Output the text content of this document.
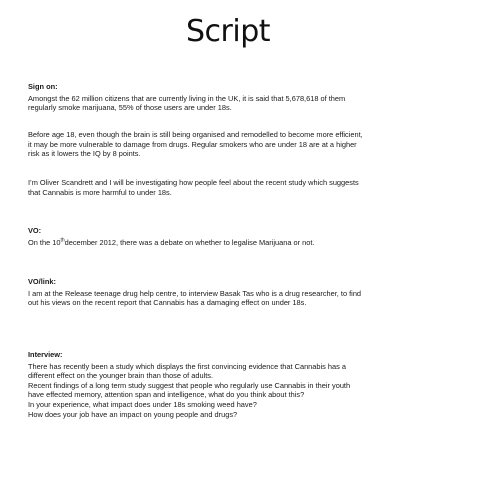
Script
Sign on:

Amongst the 62 million citizens that are currently living in the UK, it is said that 5,678,618 of them regularly smoke marijuana, 55% of those users are under 18s.

Before age 18, even though the brain is still being organised and remodelled to become more efficient, it may be more vulnerable to damage from drugs. Regular smokers who are under 18 are at a higher risk as it lowers the IQ by 8 points.

I’m Oliver Scandrett and I will be investigating how people feel about the recent study which suggests that Cannabis is more harmful to under 18s.

VO:

On the 10thdecember 2012, there was a debate on whether to legalise Marijuana or not.

VO/link:

I am at the Release teenage drug help centre, to interview Basak Tas who is a drug researcher, to find out his views on the recent report that Cannabis has a damaging effect on under 18s.

Interview:

There has recently been a study which displays the first convincing evidence that Cannabis has a different effect on the younger brain than those of adults.

Recent findings of a long term study suggest that people who regularly use Cannabis in their youth have effected memory, attention span and intelligence, what do you think about this?

In your experience, what impact does under 18s smoking weed have?

How does your job have an impact on young people and drugs?
